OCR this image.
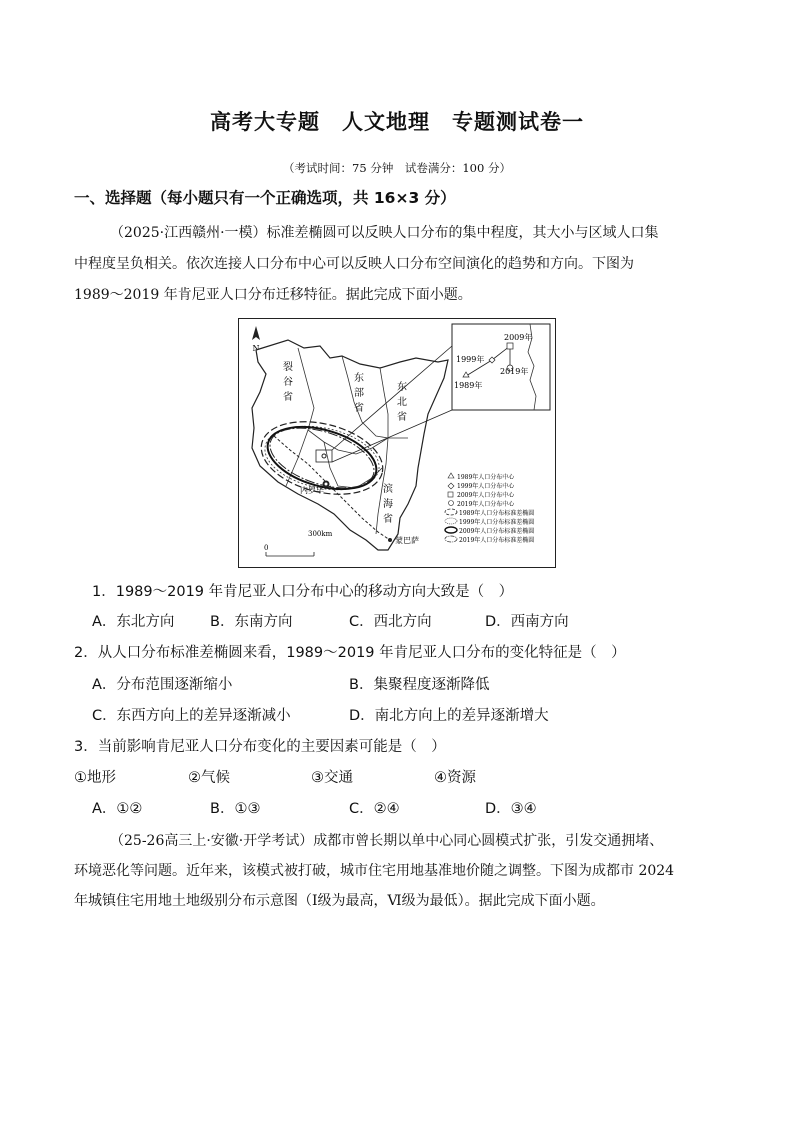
高考大专题　人文地理　专题测试卷一
（考试时间：75 分钟　试卷满分：100 分）
一、选择题（每小题只有一个正确选项，共 16×3 分）
（2025·江西赣州·一模）标准差椭圆可以反映人口分布的集中程度，其大小与区域人口集
中程度呈负相关。依次连接人口分布中心可以反映人口分布空间演化的趋势和方向。下图为
1989～2019 年肯尼亚人口分布迁移特征。据此完成下面小题。
N
裂
谷
省
东
部
省
东
北
省
滨
海
省
内罗毕
蒙巴萨
2009年
1999年
2019年
1989年
1989年人口分布中心
1999年人口分布中心
2009年人口分布中心
2019年人口分布中心
1989年人口分布标准差椭圆
1999年人口分布标准差椭圆
2009年人口分布标准差椭圆
2019年人口分布标准差椭圆
0
300km
1．1989～2019 年肯尼亚人口分布中心的移动方向大致是（　）
A．东北方向 B．东南方向	C．西北方向	D．西南方向
2．从人口分布标准差椭圆来看，1989～2019 年肯尼亚人口分布的变化特征是（　）
A．分布范围逐渐缩小	B．集聚程度逐渐降低
C．东西方向上的差异逐渐减小	D．南北方向上的差异逐渐增大
3．当前影响肯尼亚人口分布变化的主要因素可能是（　）
①地形	②气候	③交通	④资源
A．①②	B．①③	C．②④	D．③④
（25-26高三上·安徽·开学考试）成都市曾长期以单中心同心圆模式扩张，引发交通拥堵、
环境恶化等问题。近年来，该模式被打破，城市住宅用地基准地价随之调整。下图为成都市 2024
年城镇住宅用地土地级别分布示意图（Ⅰ级为最高，Ⅵ级为最低）。据此完成下面小题。
